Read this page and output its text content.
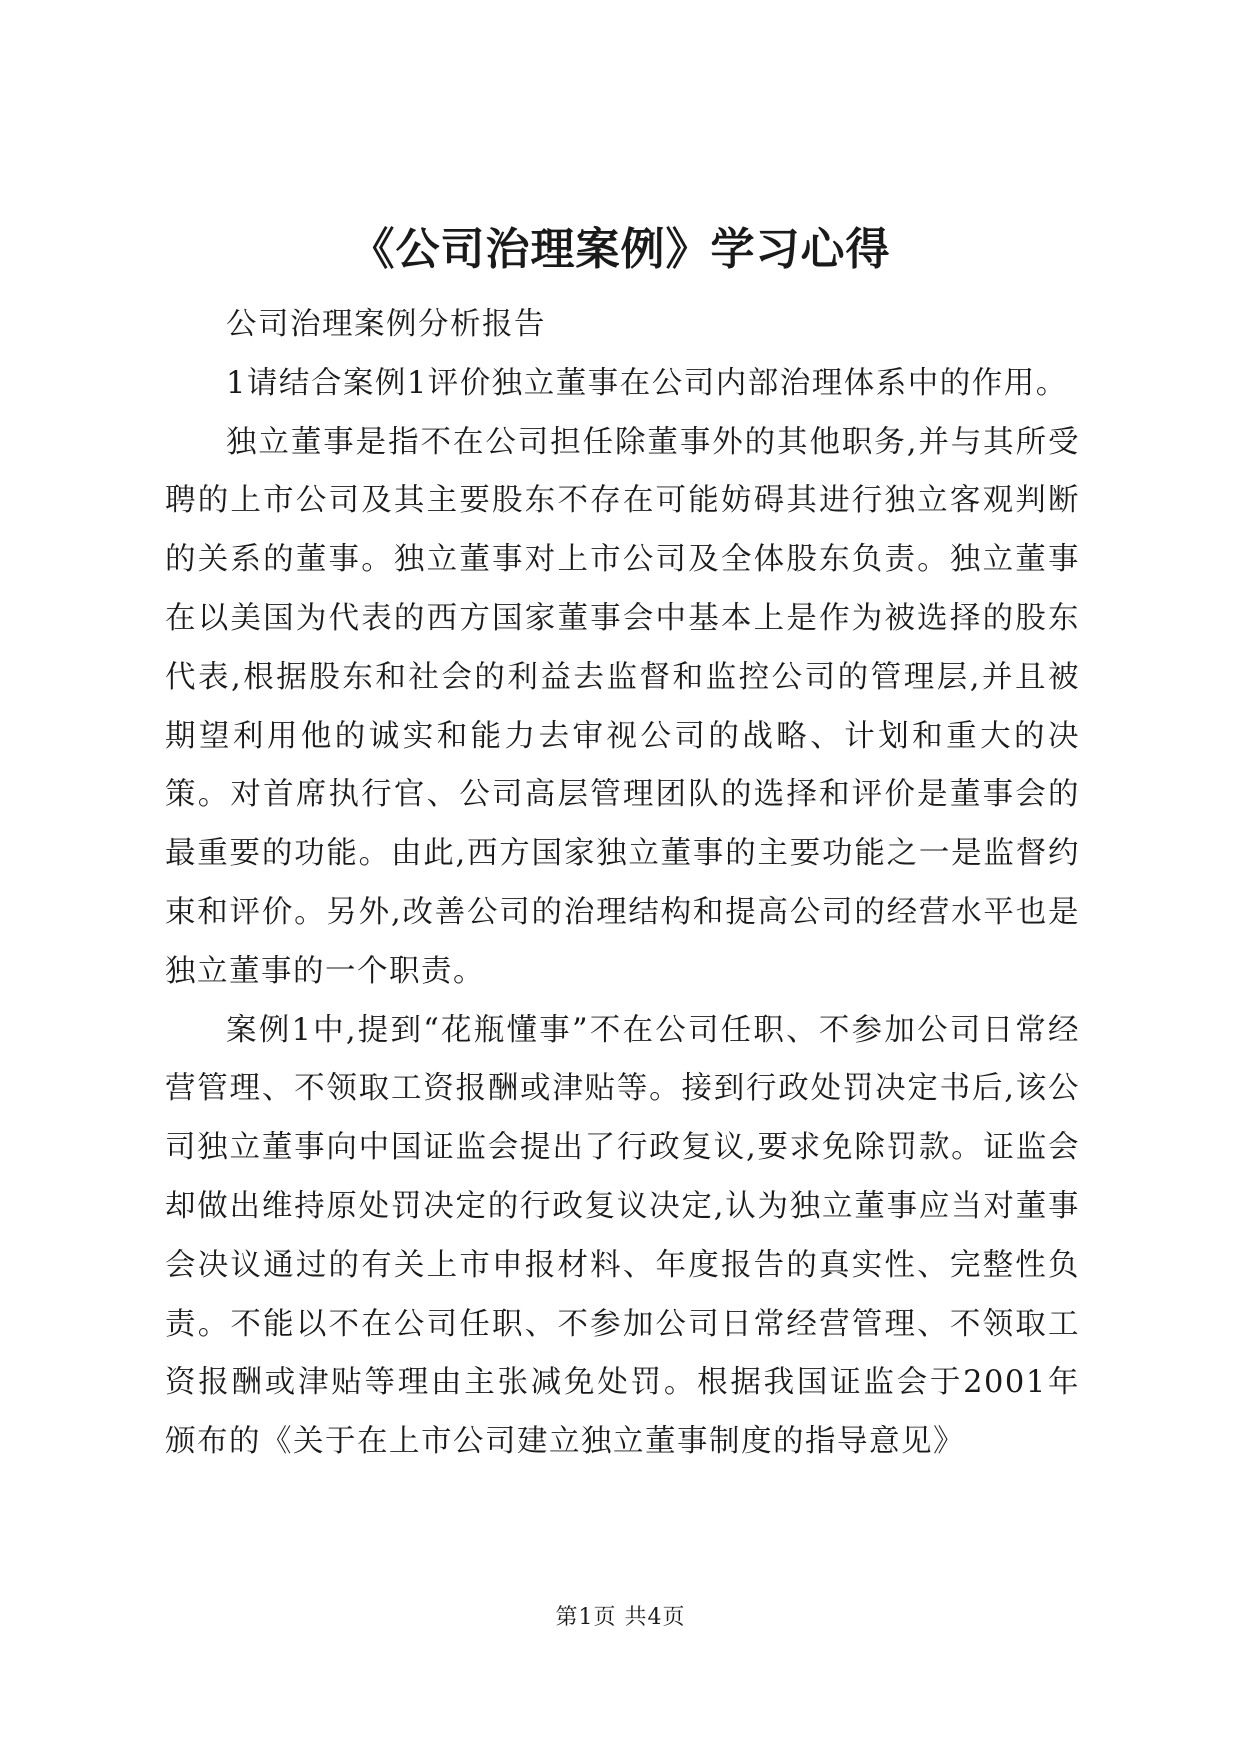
《公司治理案例》学习心得

公司治理案例分析报告

1请结合案例1评价独立董事在公司内部治理体系中的作用。

独立董事是指不在公司担任除董事外的其他职务,并与其所受聘的上市公司及其主要股东不存在可能妨碍其进行独立客观判断的关系的董事。独立董事对上市公司及全体股东负责。独立董事在以美国为代表的西方国家董事会中基本上是作为被选择的股东代表,根据股东和社会的利益去监督和监控公司的管理层,并且被期望利用他的诚实和能力去审视公司的战略、计划和重大的决策。对首席执行官、公司高层管理团队的选择和评价是董事会的最重要的功能。由此,西方国家独立董事的主要功能之一是监督约束和评价。另外,改善公司的治理结构和提高公司的经营水平也是独立董事的一个职责。

案例1中,提到“花瓶懂事”不在公司任职、不参加公司日常经营管理、不领取工资报酬或津贴等。接到行政处罚决定书后,该公司独立董事向中国证监会提出了行政复议,要求免除罚款。证监会却做出维持原处罚决定的行政复议决定,认为独立董事应当对董事会决议通过的有关上市申报材料、年度报告的真实性、完整性负责。不能以不在公司任职、不参加公司日常经营管理、不领取工资报酬或津贴等理由主张减免处罚。根据我国证监会于2001年颁布的《关于在上市公司建立独立董事制度的指导意见》

第1页 共4页
